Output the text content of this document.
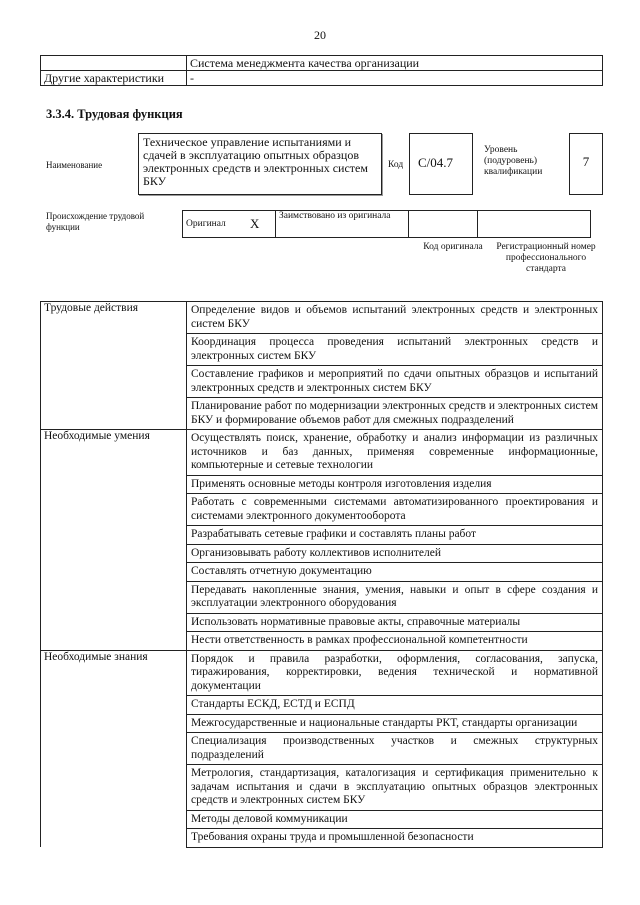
20
	Система менеджмента качества организации
Другие характеристики	-
3.3.4. Трудовая функция
Наименование
Техническое управление испытаниями и сдачей в эксплуатацию опытных образцов электронных средств и электронных систем БКУ
Код	C/04.7
Уровень (подуровень) квалификации
7
Происхождение трудовой функции	Оригинал	X	Заимствовано из оригинала		
Код оригинала	Регистрационный номер профессионального стандарта
Трудовые действия	Определение видов и объемов испытаний электронных средств и электронных систем БКУ
	Координация процесса проведения испытаний электронных средств и электронных систем БКУ
	Составление графиков и мероприятий по сдачи опытных образцов и испытаний электронных средств и электронных систем БКУ
	Планирование работ по модернизации электронных средств и электронных систем БКУ и формирование объемов работ для смежных подразделений
Необходимые умения	Осуществлять поиск, хранение, обработку и анализ информации из различных источников и баз данных, применяя современные информационные, компьютерные и сетевые технологии
	Применять основные методы контроля изготовления изделия
	Работать с современными системами автоматизированного проектирования и системами электронного документооборота
	Разрабатывать сетевые графики и составлять планы работ
	Организовывать работу коллективов исполнителей
	Составлять отчетную документацию
	Передавать накопленные знания, умения, навыки и опыт в сфере создания и эксплуатации электронного оборудования
	Использовать нормативные правовые акты, справочные материалы
	Нести ответственность в рамках профессиональной компетентности
Необходимые знания	Порядок и правила разработки, оформления, согласования, запуска, тиражирования, корректировки, ведения технической и нормативной документации
	Стандарты ЕСКД, ЕСТД и ЕСПД
	Межгосударственные и национальные стандарты РКТ, стандарты организации
	Специализация производственных участков и смежных структурных подразделений
	Метрология, стандартизация, каталогизация и сертификация применительно к задачам испытания и сдачи в эксплуатацию опытных образцов электронных средств и электронных систем БКУ
	Методы деловой коммуникации
	Требования охраны труда и промышленной безопасности
